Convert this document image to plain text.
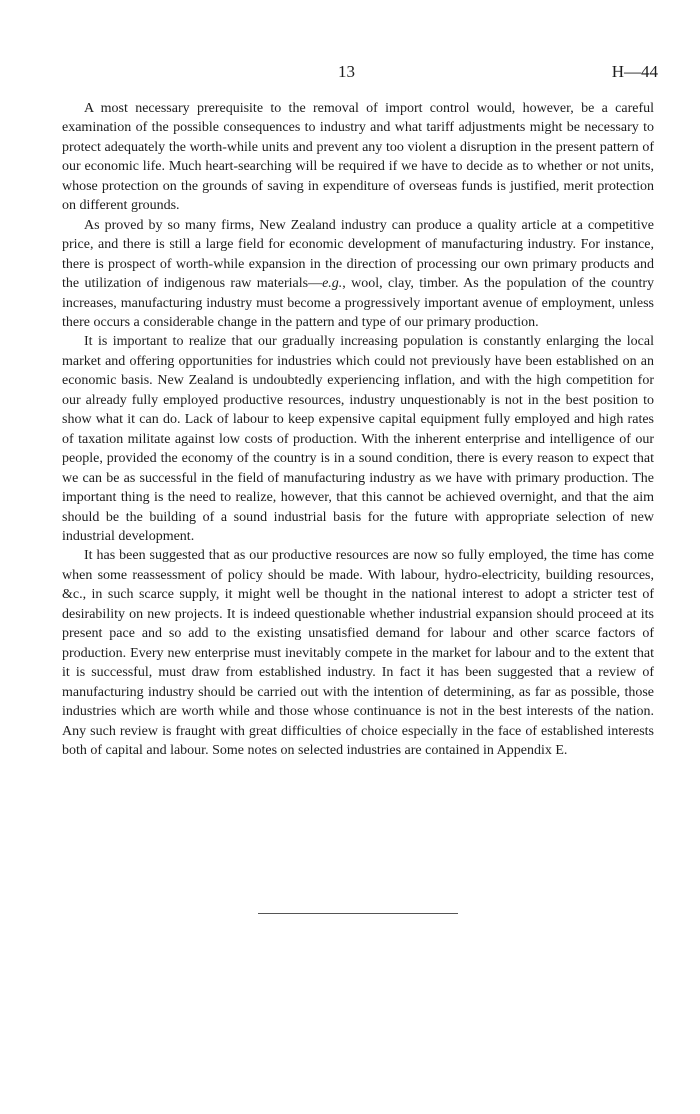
13	H—44

A most necessary prerequisite to the removal of import control would, however, be a careful examination of the possible consequences to industry and what tariff adjustments might be necessary to protect adequately the worth-while units and prevent any too violent a disruption in the present pattern of our economic life. Much heart-searching will be required if we have to decide as to whether or not units, whose protection on the grounds of saving in expenditure of overseas funds is justified, merit protection on different grounds.

As proved by so many firms, New Zealand industry can produce a quality article at a competitive price, and there is still a large field for economic development of manufacturing industry. For instance, there is prospect of worth-while expansion in the direction of processing our own primary products and the utilization of indigenous raw materials—e.g., wool, clay, timber. As the population of the country increases, manufacturing industry must become a progressively important avenue of employment, unless there occurs a considerable change in the pattern and type of our primary production.

It is important to realize that our gradually increasing population is constantly enlarging the local market and offering opportunities for industries which could not previously have been established on an economic basis. New Zealand is undoubtedly experiencing inflation, and with the high competition for our already fully employed productive resources, industry unquestionably is not in the best position to show what it can do. Lack of labour to keep expensive capital equipment fully employed and high rates of taxation militate against low costs of production. With the inherent enterprise and intelligence of our people, provided the economy of the country is in a sound condition, there is every reason to expect that we can be as successful in the field of manufacturing industry as we have with primary production. The important thing is the need to realize, however, that this cannot be achieved overnight, and that the aim should be the building of a sound industrial basis for the future with appropriate selection of new industrial development.

It has been suggested that as our productive resources are now so fully employed, the time has come when some reassessment of policy should be made. With labour, hydro-electricity, building resources, &c., in such scarce supply, it might well be thought in the national interest to adopt a stricter test of desirability on new projects. It is indeed questionable whether industrial expansion should proceed at its present pace and so add to the existing unsatisfied demand for labour and other scarce factors of production. Every new enterprise must inevitably compete in the market for labour and to the extent that it is successful, must draw from established industry. In fact it has been suggested that a review of manufacturing industry should be carried out with the intention of determining, as far as possible, those industries which are worth while and those whose continuance is not in the best interests of the nation. Any such review is fraught with great difficulties of choice especially in the face of established interests both of capital and labour. Some notes on selected industries are contained in Appendix E.
